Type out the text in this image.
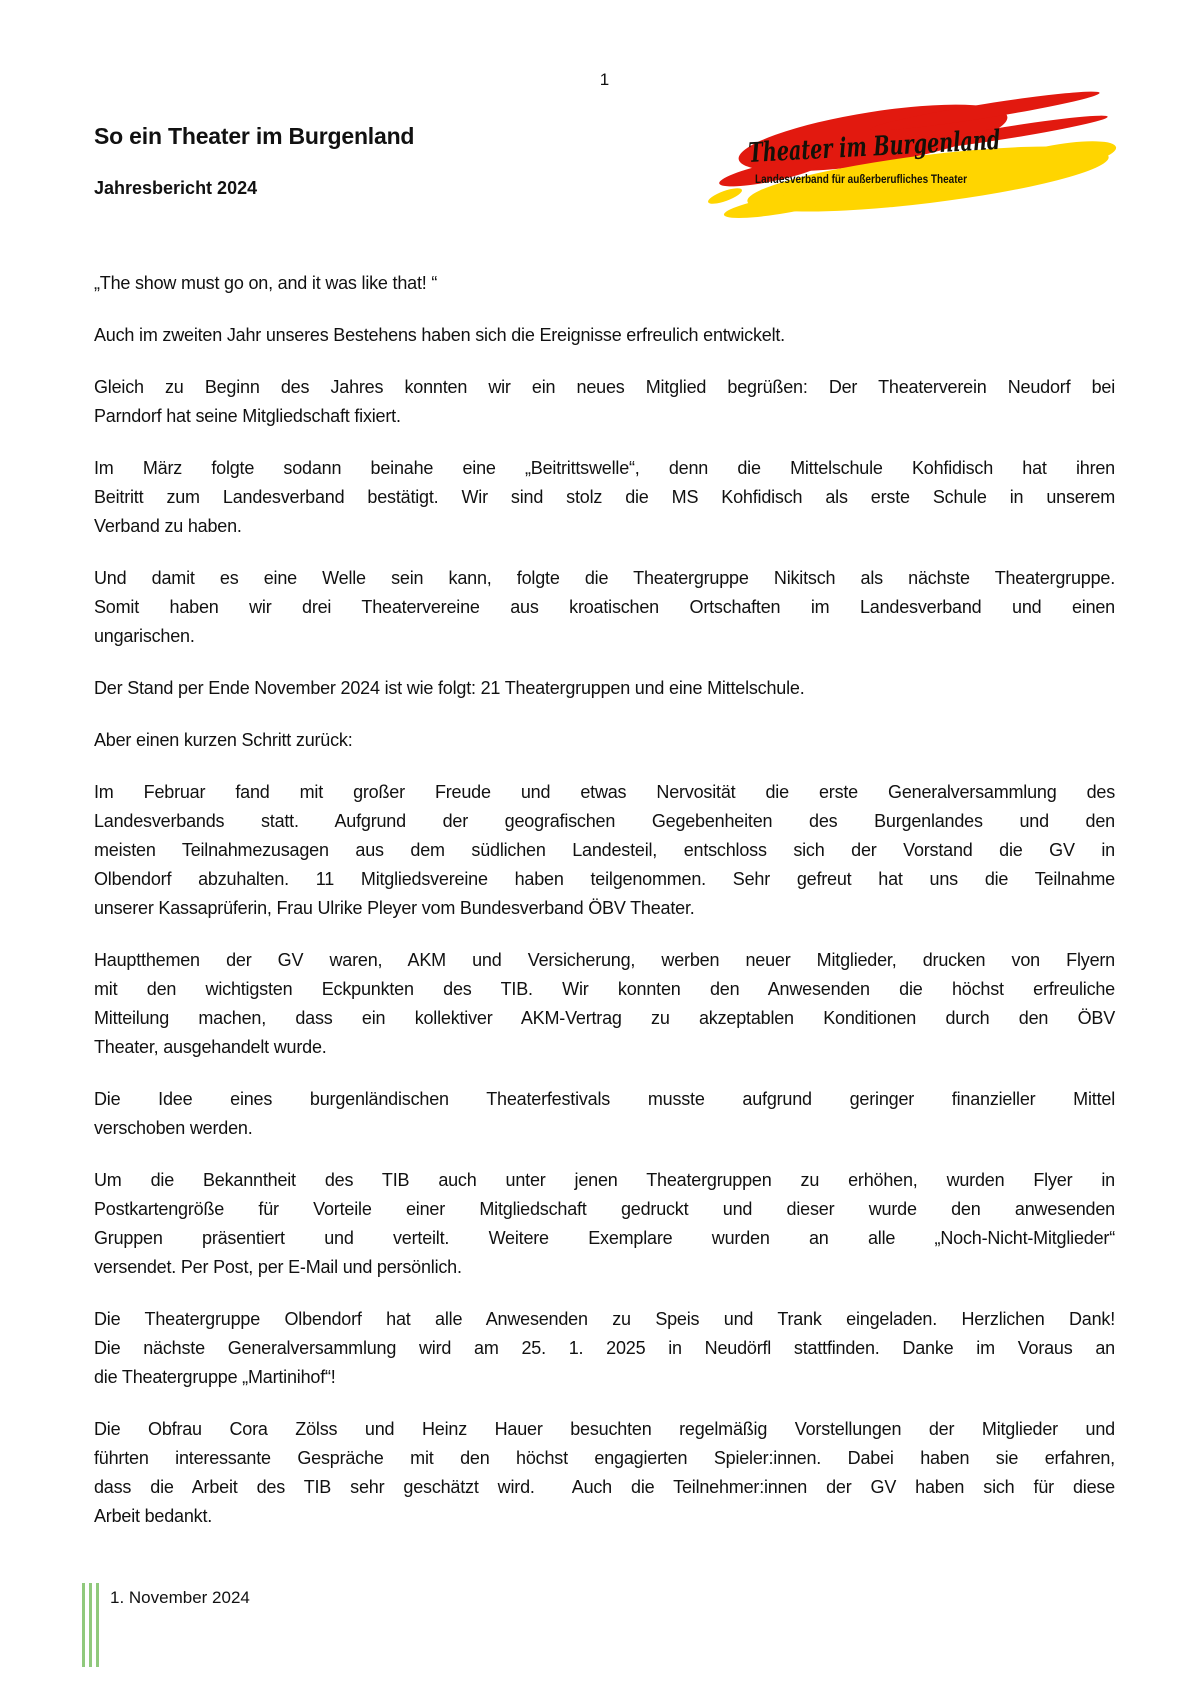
1
So ein Theater im Burgenland
Jahresbericht 2024
Theater im Burgenland
Landesverband für außerberufliches Theater
„The show must go on, and it was like that! “
Auch im zweiten Jahr unseres Bestehens haben sich die Ereignisse erfreulich entwickelt.
Gleich zu Beginn des Jahres konnten wir ein neues Mitglied begrüßen: Der Theaterverein Neudorf bei
Parndorf hat seine Mitgliedschaft fixiert.
Im März folgte sodann beinahe eine „Beitrittswelle“, denn die Mittelschule Kohfidisch hat ihren
Beitritt zum Landesverband bestätigt. Wir sind stolz die MS Kohfidisch als erste Schule in unserem
Verband zu haben.
Und damit es eine Welle sein kann, folgte die Theatergruppe Nikitsch als nächste Theatergruppe.
Somit haben wir drei Theatervereine aus kroatischen Ortschaften im Landesverband und einen
ungarischen.
Der Stand per Ende November 2024 ist wie folgt: 21 Theatergruppen und eine Mittelschule.
Aber einen kurzen Schritt zurück:
Im Februar fand mit großer Freude und etwas Nervosität die erste Generalversammlung des
Landesverbands statt. Aufgrund der geografischen Gegebenheiten des Burgenlandes und den
meisten Teilnahmezusagen aus dem südlichen Landesteil, entschloss sich der Vorstand die GV in
Olbendorf abzuhalten. 11 Mitgliedsvereine haben teilgenommen. Sehr gefreut hat uns die Teilnahme
unserer Kassaprüferin, Frau Ulrike Pleyer vom Bundesverband ÖBV Theater.
Hauptthemen der GV waren, AKM und Versicherung, werben neuer Mitglieder, drucken von Flyern
mit den wichtigsten Eckpunkten des TIB. Wir konnten den Anwesenden die höchst erfreuliche
Mitteilung machen, dass ein kollektiver AKM-Vertrag zu akzeptablen Konditionen durch den ÖBV
Theater, ausgehandelt wurde.
Die Idee eines burgenländischen Theaterfestivals musste aufgrund geringer finanzieller Mittel
verschoben werden.
Um die Bekanntheit des TIB auch unter jenen Theatergruppen zu erhöhen, wurden Flyer in
Postkartengröße für Vorteile einer Mitgliedschaft gedruckt und dieser wurde den anwesenden
Gruppen präsentiert und verteilt. Weitere Exemplare wurden an alle „Noch-Nicht-Mitglieder“
versendet. Per Post, per E-Mail und persönlich.
Die Theatergruppe Olbendorf hat alle Anwesenden zu Speis und Trank eingeladen. Herzlichen Dank!
Die nächste Generalversammlung wird am 25. 1. 2025 in Neudörfl stattfinden. Danke im Voraus an
die Theatergruppe „Martinihof“!
Die Obfrau Cora Zölss und Heinz Hauer besuchten regelmäßig Vorstellungen der Mitglieder und
führten interessante Gespräche mit den höchst engagierten Spieler:innen. Dabei haben sie erfahren,
dass die Arbeit des TIB sehr geschätzt wird.  Auch die Teilnehmer:innen der GV haben sich für diese
Arbeit bedankt.
1. November 2024
